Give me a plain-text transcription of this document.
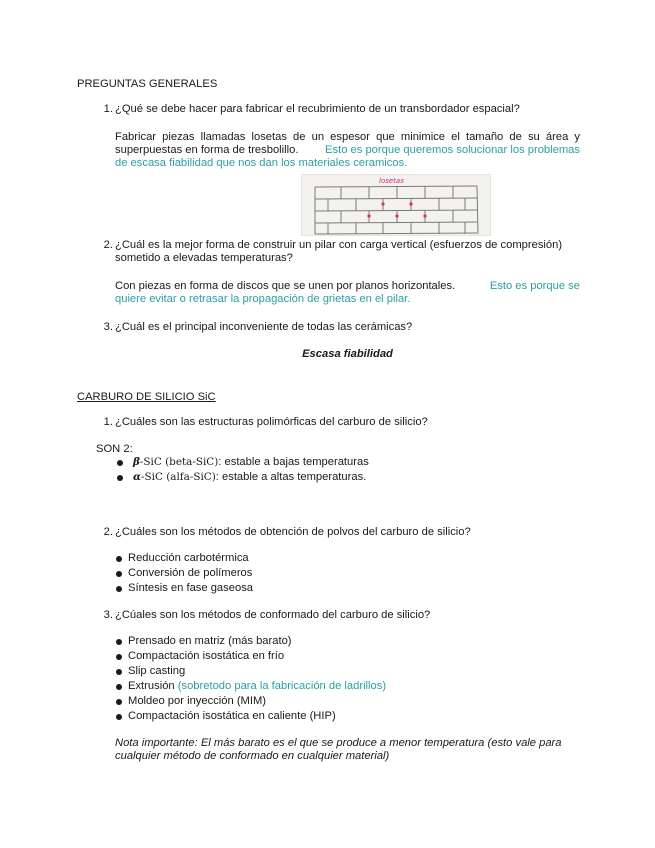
PREGUNTAS GENERALES
1. ¿Qué se debe hacer para fabricar el recubrimiento de un transbordador espacial?
Fabricar piezas llamadas losetas de un espesor que minimice el tamaño de su área y
superpuestas en forma de tresbolillo. Esto es porque queremos solucionar los problemas
de escasa fiabilidad que nos dan los materiales ceramicos.
losetas
2. ¿Cuál es la mejor forma de construir un pilar con carga vertical (esfuerzos de compresión)
sometido a elevadas temperaturas?
Con piezas en forma de discos que se unen por planos horizontales.	Esto es porque se
quiere evitar o retrasar la propagación de grietas en el pilar.
3. ¿Cuál es el principal inconveniente de todas las cerámicas?
Escasa fiabilidad
CARBURO DE SILICIO SiC
1. ¿Cuáles son las estructuras polimórficas del carburo de silicio?
SON 2:
β-SiC (beta-SiC): estable a bajas temperaturas
α-SiC (alfa-SiC): estable a altas temperaturas.
2. ¿Cuáles son los métodos de obtención de polvos del carburo de silicio?
Reducción carbotérmica
Conversión de polímeros
Síntesis en fase gaseosa
3. ¿Cúales son los métodos de conformado del carburo de silicio?
Prensado en matriz (más barato)
Compactación isostática en frío
Slip casting
Extrusión (sobretodo para la fabricación de ladrillos)
Moldeo por inyección (MIM)
Compactación isostática en caliente (HIP)
Nota importante: El más barato es el que se produce a menor temperatura (esto vale para
cualquier método de conformado en cualquier material)
